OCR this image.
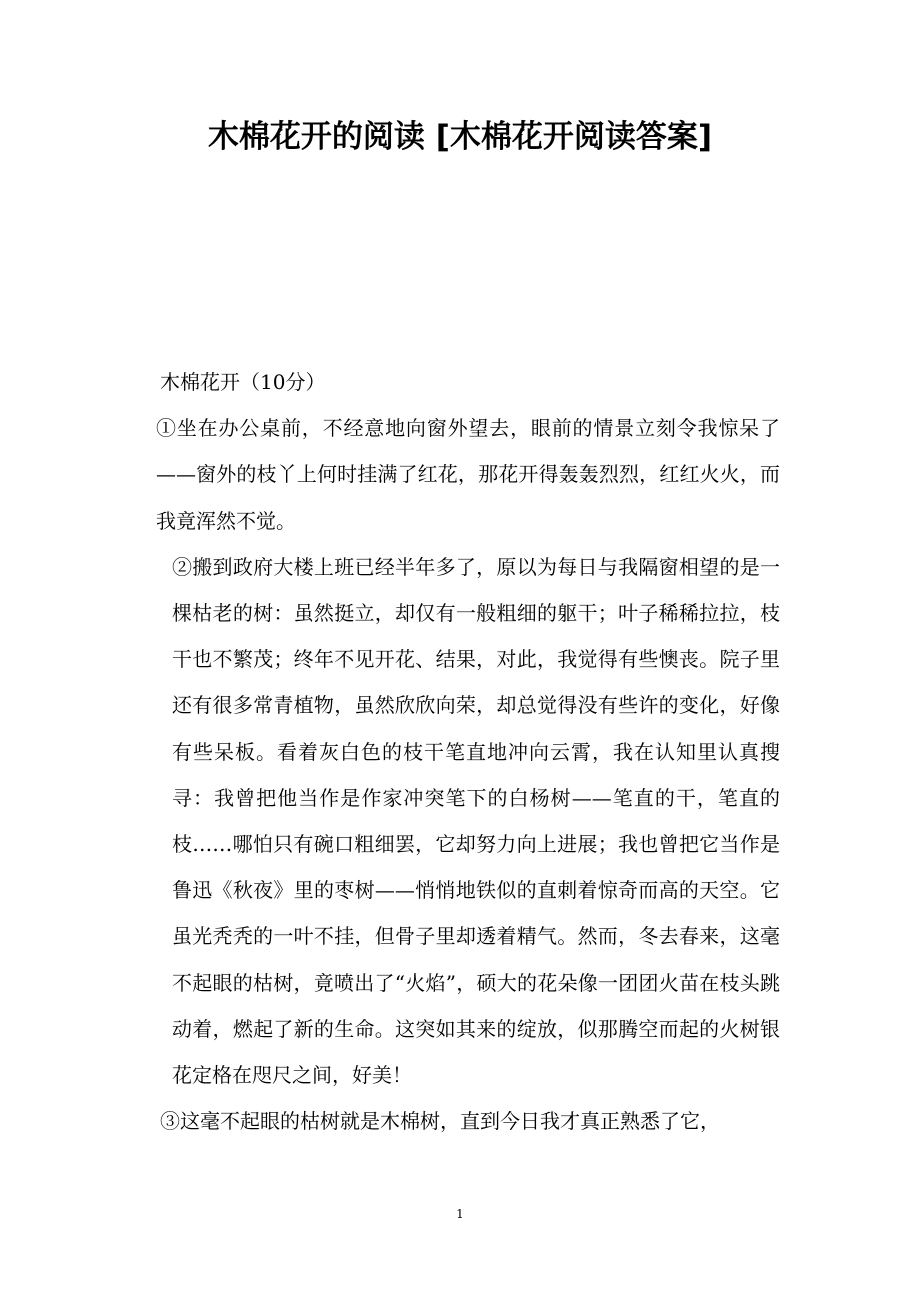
木棉花开的阅读 [木棉花开阅读答案]

木棉花开（10分）

①坐在办公桌前，不经意地向窗外望去，眼前的情景立刻令我惊呆了——窗外的枝丫上何时挂满了红花，那花开得轰轰烈烈，红红火火，而我竟浑然不觉。

②搬到政府大楼上班已经半年多了，原以为每日与我隔窗相望的是一棵枯老的树：虽然挺立，却仅有一般粗细的躯干；叶子稀稀拉拉，枝干也不繁茂；终年不见开花、结果，对此，我觉得有些懊丧。院子里还有很多常青植物，虽然欣欣向荣，却总觉得没有些许的变化，好像有些呆板。看着灰白色的枝干笔直地冲向云霄，我在认知里认真搜寻：我曾把他当作是作家冲突笔下的白杨树——笔直的干，笔直的枝……哪怕只有碗口粗细罢，它却努力向上进展；我也曾把它当作是鲁迅《秋夜》里的枣树——悄悄地铁似的直刺着惊奇而高的天空。它虽光秃秃的一叶不挂，但骨子里却透着精气。然而，冬去春来，这毫不起眼的枯树，竟喷出了“火焰”，硕大的花朵像一团团火苗在枝头跳动着，燃起了新的生命。这突如其来的绽放，似那腾空而起的火树银花定格在咫尺之间，好美！

③这毫不起眼的枯树就是木棉树，直到今日我才真正熟悉了它，

1
